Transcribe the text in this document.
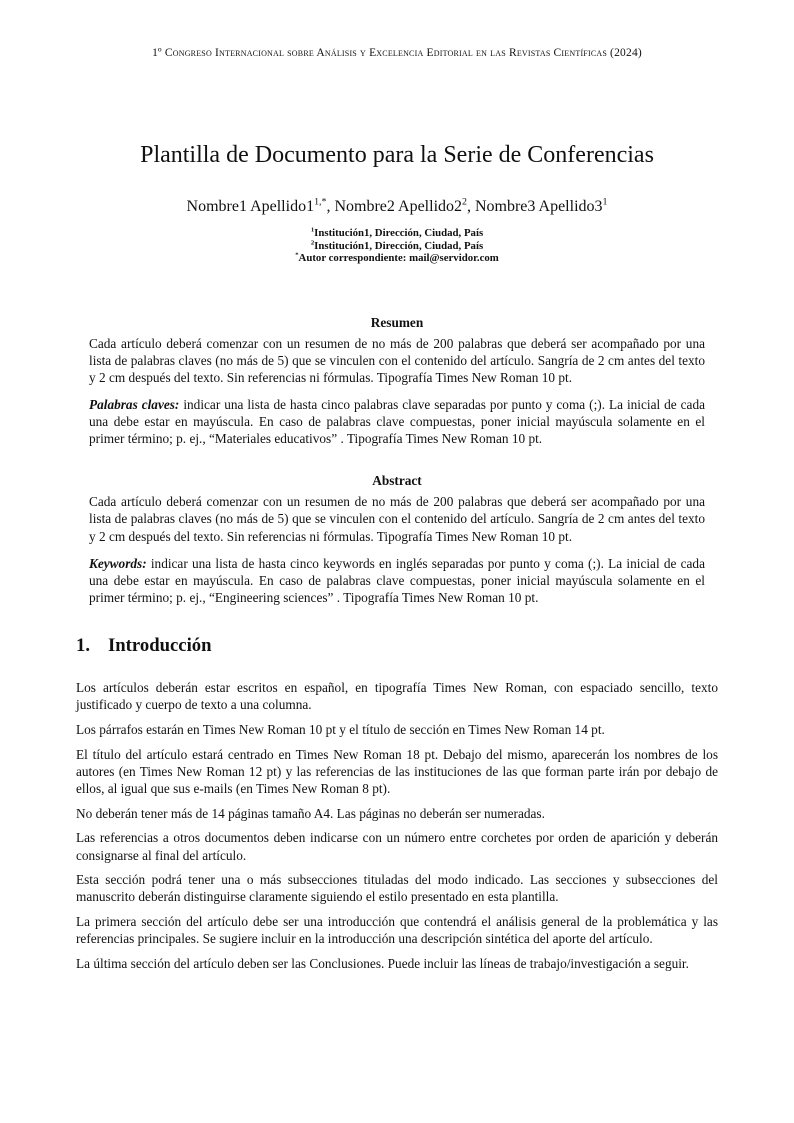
1º Congreso Internacional sobre Análisis y Excelencia Editorial en las Revistas Científicas (2024)
Plantilla de Documento para la Serie de Conferencias
Nombre1 $Apellido1^{1,*}$, Nombre2 $Apellido2^2$, Nombre3 $Apellido3^1$
$^1$Institución1, Dirección, Ciudad, País
$^2$Institución1, Dirección, Ciudad, País
*Autor correspondiente: mail@servidor.com
Resumen

Cada artículo deberá comenzar con un resumen de no más de 200 palabras que deberá ser acompañado por una lista de palabras claves (no más de 5) que se vinculen con el contenido del artículo. Sangría de 2 cm antes del texto y 2 cm después del texto. Sin referencias ni fórmulas. Tipografía Times New Roman 10 pt.

Palabras claves: indicar una lista de hasta cinco palabras clave separadas por punto y coma (;). La inicial de cada una debe estar en mayúscula. En caso de palabras clave compuestas, poner inicial mayúscula solamente en el primer término; p. ej., “Materiales educativos” . Tipografía Times New Roman 10 pt.

Abstract

Cada artículo deberá comenzar con un resumen de no más de 200 palabras que deberá ser acompañado por una lista de palabras claves (no más de 5) que se vinculen con el contenido del artículo. Sangría de 2 cm antes del texto y 2 cm después del texto. Sin referencias ni fórmulas. Tipografía Times New Roman 10 pt.

Keywords: indicar una lista de hasta cinco keywords en inglés separadas por punto y coma (;). La inicial de cada una debe estar en mayúscula. En caso de palabras clave compuestas, poner inicial mayúscula solamente en el primer término; p. ej., “Engineering sciences” . Tipografía Times New Roman 10 pt.

1. Introducción

Los artículos deberán estar escritos en español, en tipografía Times New Roman, con espaciado sencillo, texto justificado y cuerpo de texto a una columna.

Los párrafos estarán en Times New Roman 10 pt y el título de sección en Times New Roman 14 pt.

El título del artículo estará centrado en Times New Roman 18 pt. Debajo del mismo, aparecerán los nombres de los autores (en Times New Roman 12 pt) y las referencias de las instituciones de las que forman parte irán por debajo de ellos, al igual que sus e-mails (en Times New Roman 8 pt).

No deberán tener más de 14 páginas tamaño A4. Las páginas no deberán ser numeradas.

Las referencias a otros documentos deben indicarse con un número entre corchetes por orden de aparición y deberán consignarse al final del artículo.

Esta sección podrá tener una o más subsecciones tituladas del modo indicado. Las secciones y subsecciones del manuscrito deberán distinguirse claramente siguiendo el estilo presentado en esta plantilla.

La primera sección del artículo debe ser una introducción que contendrá el análisis general de la problemática y las referencias principales. Se sugiere incluir en la introducción una descripción sintética del aporte del artículo.

La última sección del artículo deben ser las Conclusiones. Puede incluir las líneas de trabajo/investigación a seguir.
